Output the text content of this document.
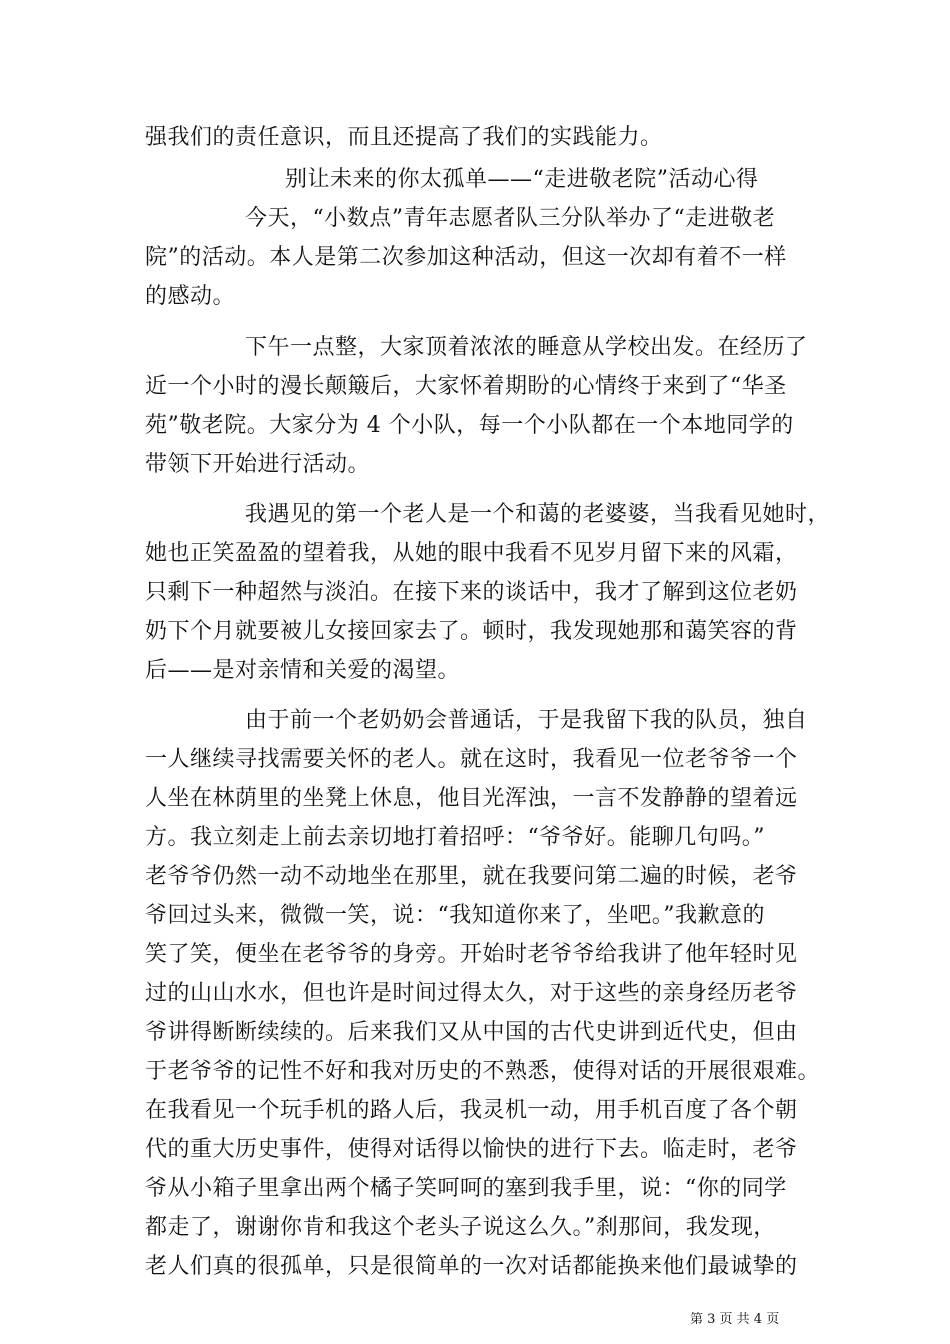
强我们的责任意识，而且还提高了我们的实践能力。
别让未来的你太孤单——“走进敬老院”活动心得
今天，“小数点”青年志愿者队三分队举办了“走进敬老
院”的活动。本人是第二次参加这种活动，但这一次却有着不一样
的感动。
下午一点整，大家顶着浓浓的睡意从学校出发。在经历了
近一个小时的漫长颠簸后，大家怀着期盼的心情终于来到了“华圣
苑”敬老院。大家分为 4 个小队，每一个小队都在一个本地同学的
带领下开始进行活动。
我遇见的第一个老人是一个和蔼的老婆婆，当我看见她时，
她也正笑盈盈的望着我，从她的眼中我看不见岁月留下来的风霜，
只剩下一种超然与淡泊。在接下来的谈话中，我才了解到这位老奶
奶下个月就要被儿女接回家去了。顿时，我发现她那和蔼笑容的背
后——是对亲情和关爱的渴望。
由于前一个老奶奶会普通话，于是我留下我的队员，独自
一人继续寻找需要关怀的老人。就在这时，我看见一位老爷爷一个
人坐在林荫里的坐凳上休息，他目光浑浊，一言不发静静的望着远
方。我立刻走上前去亲切地打着招呼：“爷爷好。能聊几句吗。”
老爷爷仍然一动不动地坐在那里，就在我要问第二遍的时候，老爷
爷回过头来，微微一笑，说：“我知道你来了，坐吧。”我歉意的
笑了笑，便坐在老爷爷的身旁。开始时老爷爷给我讲了他年轻时见
过的山山水水，但也许是时间过得太久，对于这些的亲身经历老爷
爷讲得断断续续的。后来我们又从中国的古代史讲到近代史，但由
于老爷爷的记性不好和我对历史的不熟悉，使得对话的开展很艰难。
在我看见一个玩手机的路人后，我灵机一动，用手机百度了各个朝
代的重大历史事件，使得对话得以愉快的进行下去。临走时，老爷
爷从小箱子里拿出两个橘子笑呵呵的塞到我手里，说：“你的同学
都走了，谢谢你肯和我这个老头子说这么久。”刹那间，我发现，
老人们真的很孤单，只是很简单的一次对话都能换来他们最诚挚的
第 3 页 共 4 页
